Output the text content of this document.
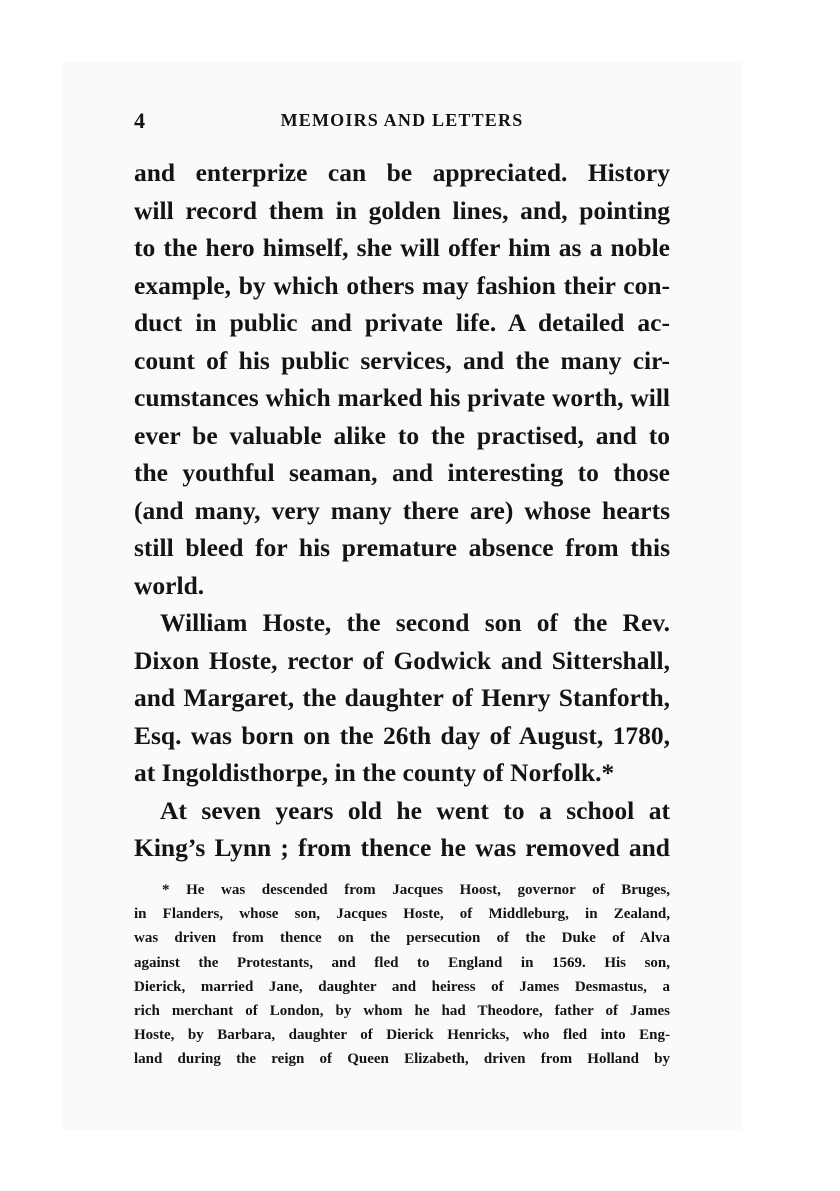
4	MEMOIRS AND LETTERS
and enterprize can be appreciated. History
will record them in golden lines, and, pointing
to the hero himself, she will offer him as a noble
example, by which others may fashion their con-
duct in public and private life. A detailed ac-
count of his public services, and the many cir-
cumstances which marked his private worth, will
ever be valuable alike to the practised, and to
the youthful seaman, and interesting to those
(and many, very many there are) whose hearts
still bleed for his premature absence from this
world.
William Hoste, the second son of the Rev.
Dixon Hoste, rector of Godwick and Sittershall,
and Margaret, the daughter of Henry Stanforth,
Esq. was born on the 26th day of August, 1780,
at Ingoldisthorpe, in the county of Norfolk.*
At seven years old he went to a school at
King’s Lynn ; from thence he was removed and
* He was descended from Jacques Hoost, governor of Bruges,
in Flanders, whose son, Jacques Hoste, of Middleburg, in Zealand,
was driven from thence on the persecution of the Duke of Alva
against the Protestants, and fled to England in 1569. His son,
Dierick, married Jane, daughter and heiress of James Desmastus, a
rich merchant of London, by whom he had Theodore, father of James
Hoste, by Barbara, daughter of Dierick Henricks, who fled into Eng-
land during the reign of Queen Elizabeth, driven from Holland by
